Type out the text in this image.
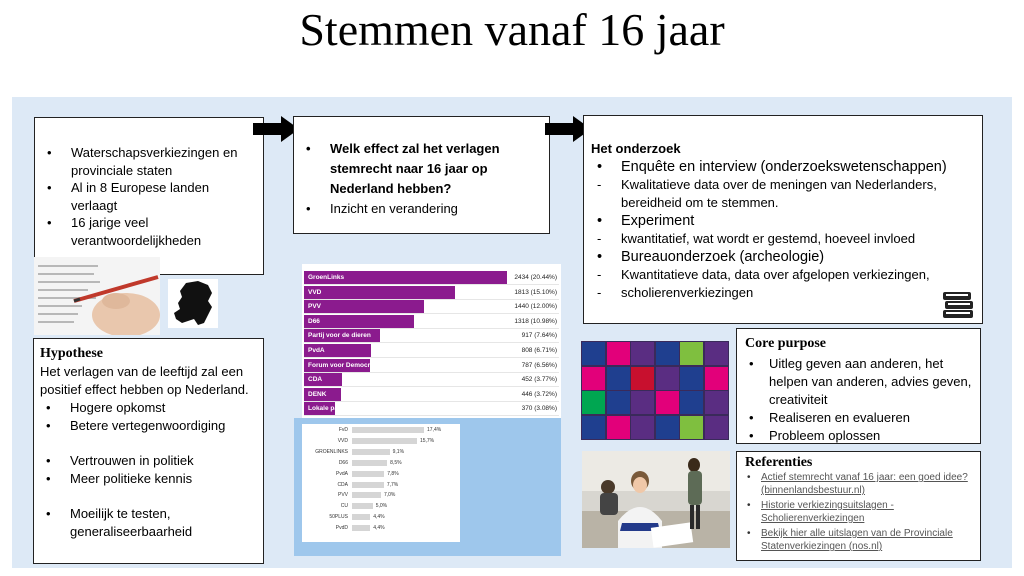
Stemmen vanaf 16 jaar
• Waterschapsverkiezingen en provinciale staten
• Al in 8 Europese landen verlaagt
• 16 jarige veel verantwoordelijkheden
• Welk effect zal het verlagen stemrecht naar 16 jaar op Nederland hebben?
• Inzicht en verandering
Het onderzoek
• Enquête en interview (onderzoekswetenschappen)
- Kwalitatieve data over de meningen van Nederlanders, bereidheid om te stemmen.
• Experiment
- kwantitatief, wat wordt er gestemd, hoeveel invloed
• Bureauonderzoek (archeologie)
- Kwantitatieve data, data over afgelopen verkiezingen,
- scholierenverkiezingen
Hypothese
Het verlagen van de leeftijd zal een positief effect hebben op Nederland.
• Hogere opkomst
• Betere vertegenwoordiging
• Vertrouwen in politiek
• Meer politieke kennis
• Moeilijk te testen, generaliseerbaarheid
GroenLinks	2434 (20.44%)
VVD	1813 (15.10%)
PVV	1440 (12.00%)
D66	1318 (10.98%)
Partij voor de dieren	917 (7.64%)
PvdA	808 (6.71%)
Forum voor Democratie	787 (6.56%)
CDA	452 (3.77%)
DENK	446 (3.72%)
Lokale partijen	370 (3.08%)
FvD	17,4%
VVD	15,7%
GROENLINKS	9,1%
D66	8,5%
PvdA	7,8%
CDA	7,7%
PVV	7,0%
CU	5,0%
50PLUS	4,4%
PvdD	4,4%
Core purpose
• Uitleg geven aan anderen, het helpen van anderen, advies geven, creativiteit
• Realiseren en evalueren
• Probleem oplossen
Referenties
• Actief stemrecht vanaf 16 jaar: een goed idee? (binnenlandsbestuur.nl)
• Historie verkiezingsuitslagen - Scholierenverkiezingen
• Bekijk hier alle uitslagen van de Provinciale Statenverkiezingen (nos.nl)
